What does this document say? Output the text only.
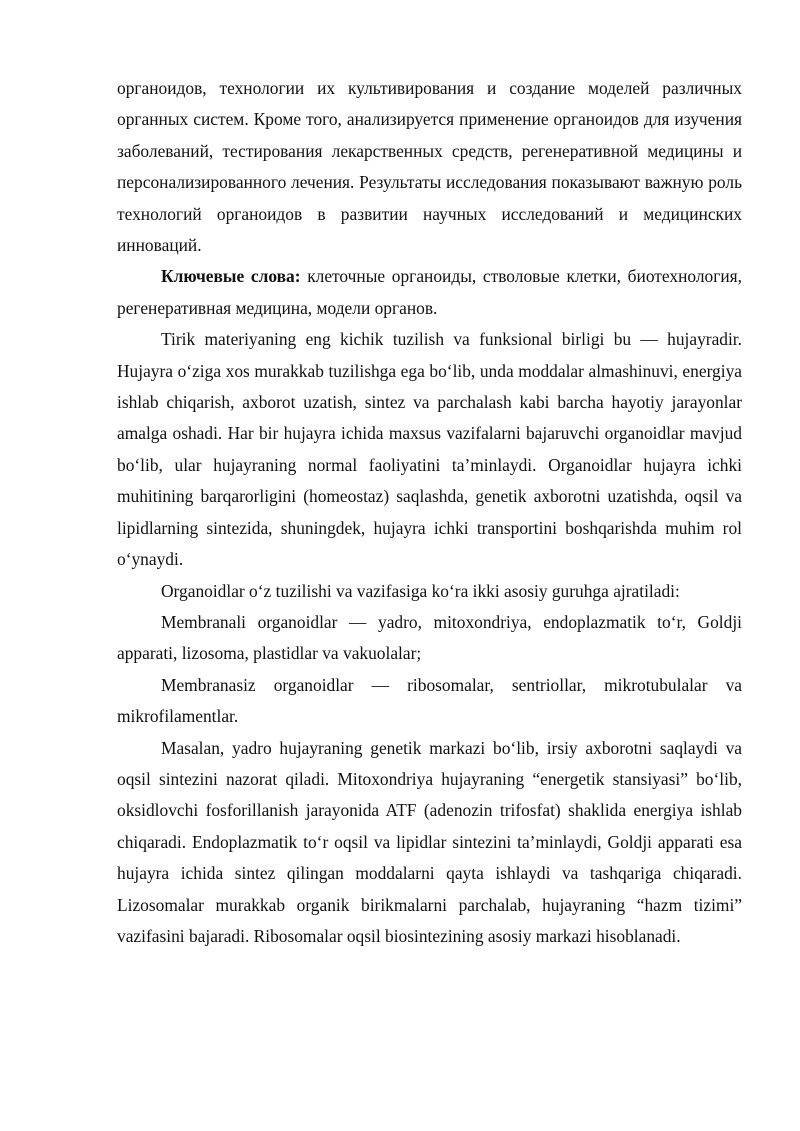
органоидов, технологии их культивирования и создание моделей различных органных систем. Кроме того, анализируется применение органоидов для изучения заболеваний, тестирования лекарственных средств, регенеративной медицины и персонализированного лечения. Результаты исследования показывают важную роль технологий органоидов в развитии научных исследований и медицинских инноваций.

Ключевые слова: клеточные органоиды, стволовые клетки, биотехнология, регенеративная медицина, модели органов.

Tirik materiyaning eng kichik tuzilish va funksional birligi bu — hujayradir. Hujayra oʻziga xos murakkab tuzilishga ega boʻlib, unda moddalar almashinuvi, energiya ishlab chiqarish, axborot uzatish, sintez va parchalash kabi barcha hayotiy jarayonlar amalga oshadi. Har bir hujayra ichida maxsus vazifalarni bajaruvchi organoidlar mavjud boʻlib, ular hujayraning normal faoliyatini taʼminlaydi. Organoidlar hujayra ichki muhitining barqarorligini (homeostaz) saqlashda, genetik axborotni uzatishda, oqsil va lipidlarning sintezida, shuningdek, hujayra ichki transportini boshqarishda muhim rol oʻynaydi.

Organoidlar oʻz tuzilishi va vazifasiga koʻra ikki asosiy guruhga ajratiladi:

Membranali organoidlar — yadro, mitoxondriya, endoplazmatik toʻr, Goldji apparati, lizosoma, plastidlar va vakuolalar;

Membranasiz organoidlar — ribosomalar, sentriollar, mikrotubulalar va mikrofilamentlar.

Masalan, yadro hujayraning genetik markazi boʻlib, irsiy axborotni saqlaydi va oqsil sintezini nazorat qiladi. Mitoxondriya hujayraning “energetik stansiyasi” boʻlib, oksidlovchi fosforillanish jarayonida ATF (adenozin trifosfat) shaklida energiya ishlab chiqaradi. Endoplazmatik toʻr oqsil va lipidlar sintezini taʼminlaydi, Goldji apparati esa hujayra ichida sintez qilingan moddalarni qayta ishlaydi va tashqariga chiqaradi. Lizosomalar murakkab organik birikmalarni parchalab, hujayraning “hazm tizimi” vazifasini bajaradi. Ribosomalar oqsil biosintezining asosiy markazi hisoblanadi.
